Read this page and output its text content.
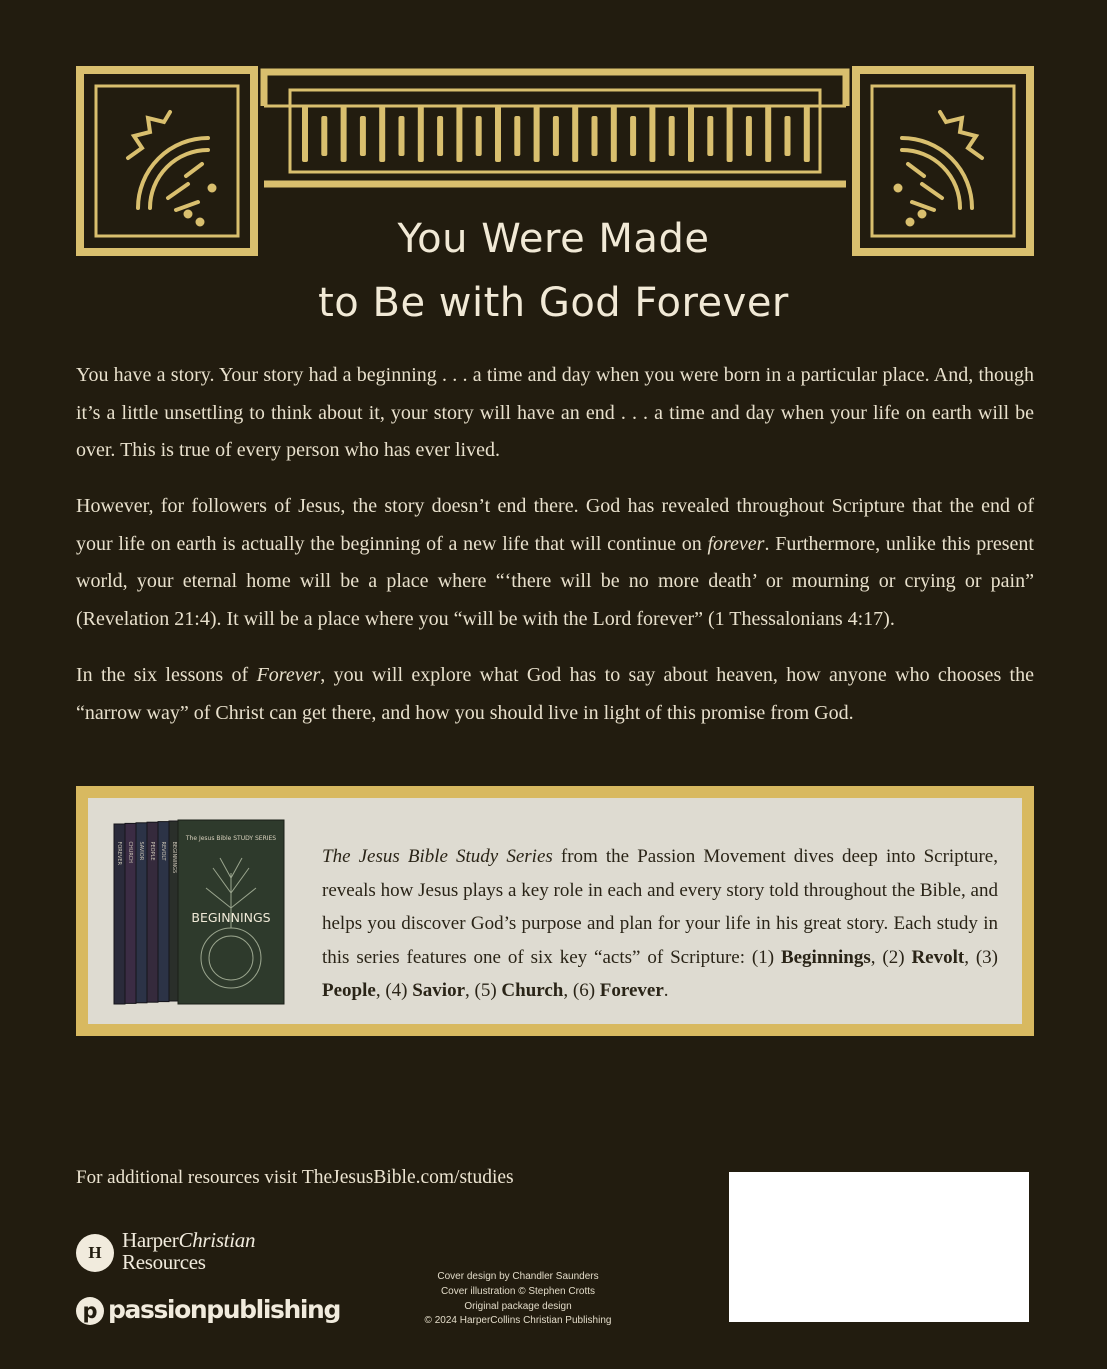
You Were Made
to Be with God Forever

You have a story. Your story had a beginning . . . a time and day when you were born in a particular place. And, though it’s a little unsettling to think about it, your story will have an end . . . a time and day when your life on earth will be over. This is true of every person who has ever lived.

However, for followers of Jesus, the story doesn’t end there. God has revealed throughout Scripture that the end of your life on earth is actually the beginning of a new life that will continue on forever. Furthermore, unlike this present world, your eternal home will be a place where “‘there will be no more death’ or mourning or crying or pain” (Revelation 21:4). It will be a place where you “will be with the Lord forever” (1 Thessalonians 4:17).

In the six lessons of Forever, you will explore what God has to say about heaven, how anyone who chooses the “narrow way” of Christ can get there, and how you should live in light of this promise from God.

FOREVER CHURCH SAVIOR PEOPLE REVOLT BEGINNINGS
The Jesus Bible STUDY SERIES
BEGINNINGS

The Jesus Bible Study Series from the Passion Movement dives deep into Scripture, reveals how Jesus plays a key role in each and every story told throughout the Bible, and helps you discover God’s purpose and plan for your life in his great story. Each study in this series features one of six key “acts” of Scripture: (1) Beginnings, (2) Revolt, (3) People, (4) Savior, (5) Church, (6) Forever.

For additional resources visit TheJesusBible.com/studies
H
HarperChristian
Resources
p passionpublishing
Cover design by Chandler Saunders
Cover illustration © Stephen Crotts
Original package design
© 2024 HarperCollins Christian Publishing
